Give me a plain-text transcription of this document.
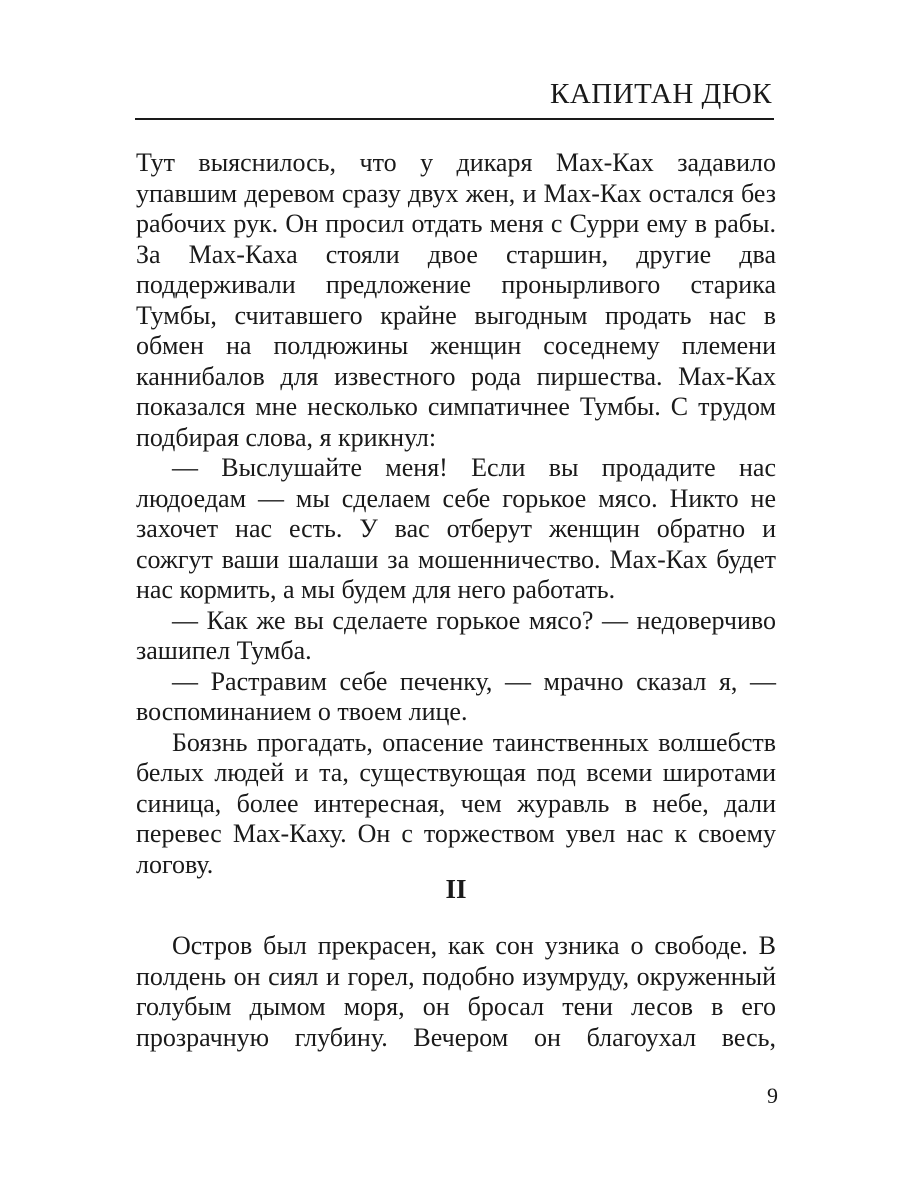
КАПИТАН ДЮК

Тут выяснилось, что у дикаря Мах-Ках задавило упавшим деревом сразу двух жен, и Мах-Ках остался без рабочих рук. Он просил отдать меня с Сурри ему в рабы. За Мах-Каха стояли двое старшин, другие два поддерживали предложение пронырливого старика Тумбы, считавшего крайне выгодным продать нас в обмен на полдюжины женщин соседнему племени каннибалов для известного рода пиршества. Мах-Ках показался мне несколько симпатичнее Тумбы. С трудом подбирая слова, я крикнул:

— Выслушайте меня! Если вы продадите нас людоедам — мы сделаем себе горькое мясо. Никто не захочет нас есть. У вас отберут женщин обратно и сожгут ваши шалаши за мошенничество. Мах-Ках будет нас кормить, а мы будем для него работать.

— Как же вы сделаете горькое мясо? — недоверчиво зашипел Тумба.

— Растравим себе печенку, — мрачно сказал я, — воспоминанием о твоем лице.

Боязнь прогадать, опасение таинственных волшебств белых людей и та, существующая под всеми широтами синица, более интересная, чем журавль в небе, дали перевес Мах-Каху. Он с торжеством увел нас к своему логову.

II

Остров был прекрасен, как сон узника о свободе. В полдень он сиял и горел, подобно изумруду, окруженный голубым дымом моря, он бросал тени лесов в его прозрачную глубину. Вечером он благоухал весь,

9
